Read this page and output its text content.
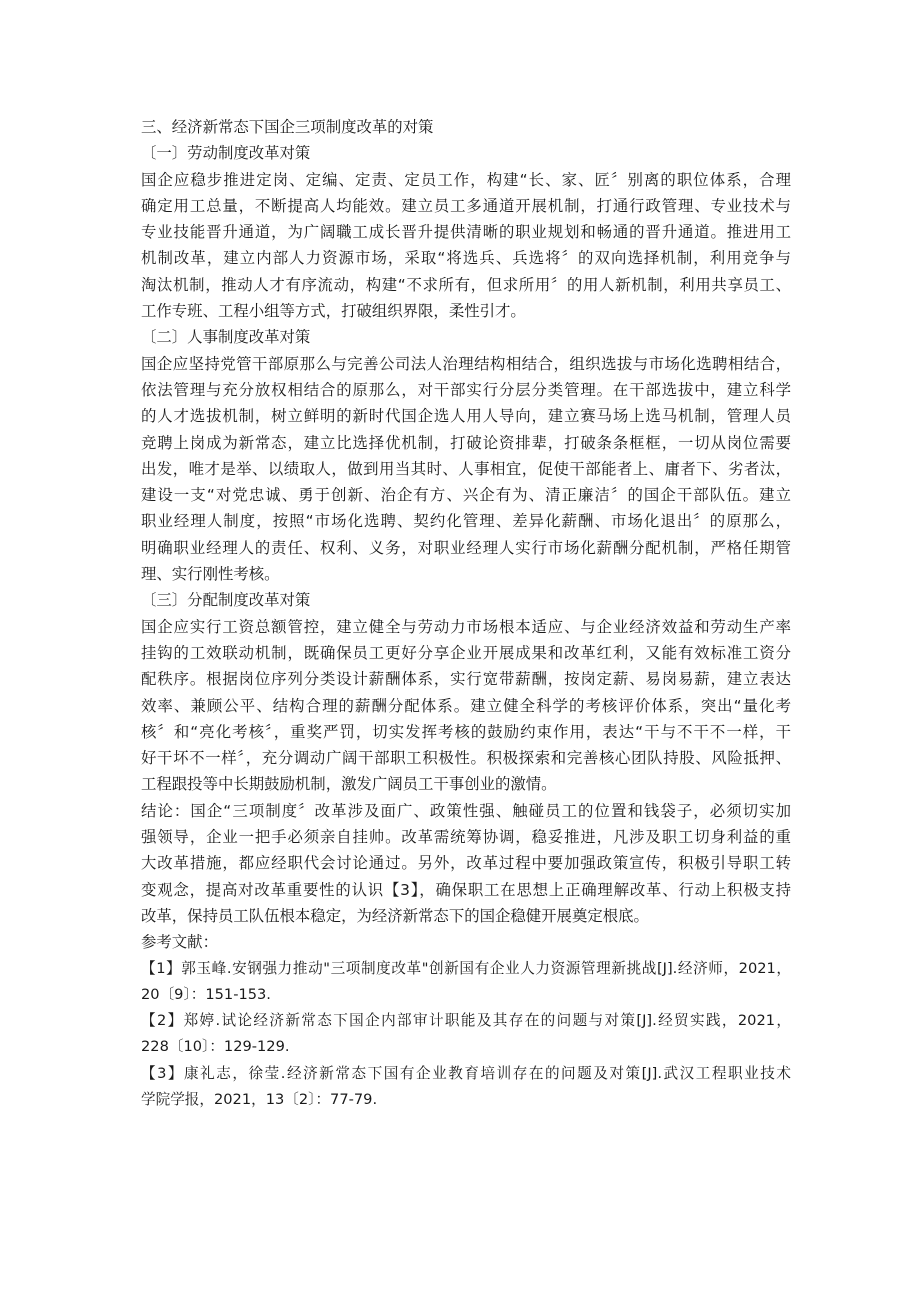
三、经济新常态下国企三项制度改革的对策
〔一〕劳动制度改革对策
国企应稳步推进定岗、定编、定责、定员工作，构建“长、家、匠〞别离的职位体系，合理
确定用工总量，不断提高人均能效。建立员工多通道开展机制，打通行政管理、专业技术与
专业技能晋升通道，为广阔職工成长晋升提供清晰的职业规划和畅通的晋升通道。推进用工
机制改革，建立内部人力资源市场，采取“将选兵、兵选将〞的双向选择机制，利用竞争与
淘汰机制，推动人才有序流动，构建“不求所有，但求所用〞的用人新机制，利用共享员工、
工作专班、工程小组等方式，打破组织界限，柔性引才。
〔二〕人事制度改革对策
国企应坚持党管干部原那么与完善公司法人治理结构相结合，组织选拔与市场化选聘相结合，
依法管理与充分放权相结合的原那么，对干部实行分层分类管理。在干部选拔中，建立科学
的人才选拔机制，树立鲜明的新时代国企选人用人导向，建立赛马场上选马机制，管理人员
竞聘上岗成为新常态，建立比选择优机制，打破论资排辈，打破条条框框，一切从岗位需要
出发，唯才是举、以绩取人，做到用当其时、人事相宜，促使干部能者上、庸者下、劣者汰，
建设一支“对党忠诚、勇于创新、治企有方、兴企有为、清正廉洁〞的国企干部队伍。建立
职业经理人制度，按照“市场化选聘、契约化管理、差异化薪酬、市场化退出〞的原那么，
明确职业经理人的责任、权利、义务，对职业经理人实行市场化薪酬分配机制，严格任期管
理、实行刚性考核。
〔三〕分配制度改革对策
国企应实行工资总额管控，建立健全与劳动力市场根本适应、与企业经济效益和劳动生产率
挂钩的工效联动机制，既确保员工更好分享企业开展成果和改革红利，又能有效标准工资分
配秩序。根据岗位序列分类设计薪酬体系，实行宽带薪酬，按岗定薪、易岗易薪，建立表达
效率、兼顾公平、结构合理的薪酬分配体系。建立健全科学的考核评价体系，突出“量化考
核〞和“亮化考核〞，重奖严罚，切实发挥考核的鼓励约束作用，表达“干与不干不一样，干
好干坏不一样〞，充分调动广阔干部职工积极性。积极探索和完善核心团队持股、风险抵押、
工程跟投等中长期鼓励机制，激发广阔员工干事创业的激情。
结论：国企“三项制度〞改革涉及面广、政策性强、触碰员工的位置和钱袋子，必须切实加
强领导，企业一把手必须亲自挂帅。改革需统筹协调，稳妥推进，凡涉及职工切身利益的重
大改革措施，都应经职代会讨论通过。另外，改革过程中要加强政策宣传，积极引导职工转
变观念，提高对改革重要性的认识【3】，确保职工在思想上正确理解改革、行动上积极支持
改革，保持员工队伍根本稳定，为经济新常态下的国企稳健开展奠定根底。
参考文献：
【1】郭玉峰.安钢强力推动"三项制度改革"创新国有企业人力资源管理新挑战[J].经济师，2021，
20〔9〕：151-153.
【2】郑婷.试论经济新常态下国企内部审计职能及其存在的问题与对策[J].经贸实践，2021，
228〔10〕：129-129.
【3】康礼志，徐莹.经济新常态下国有企业教育培训存在的问题及对策[J].武汉工程职业技术
学院学报，2021，13〔2〕：77-79.
